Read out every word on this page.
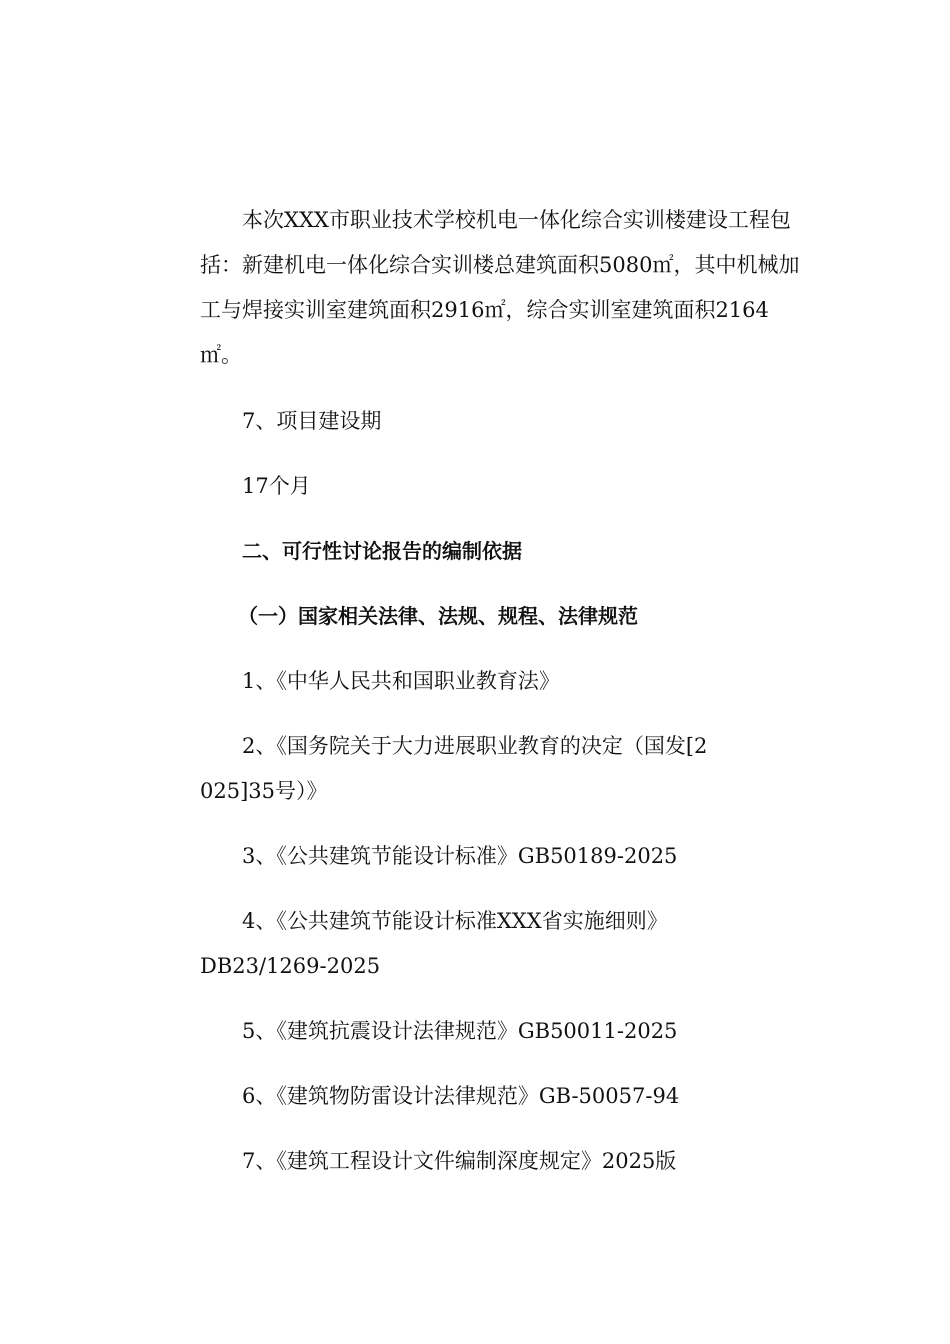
本次XXX市职业技术学校机电一体化综合实训楼建设工程包括：新建机电一体化综合实训楼总建筑面积5080㎡，其中机械加工与焊接实训室建筑面积2916㎡，综合实训室建筑面积2164㎡。

7、项目建设期

17个月

二、可行性讨论报告的编制依据

（一）国家相关法律、法规、规程、法律规范

1、《中华人民共和国职业教育法》

2、《国务院关于大力进展职业教育的决定（国发[2025]35号）》

3、《公共建筑节能设计标准》GB50189-2025

4、《公共建筑节能设计标准XXX省实施细则》DB23/1269-2025

5、《建筑抗震设计法律规范》GB50011-2025

6、《建筑物防雷设计法律规范》GB-50057-94

7、《建筑工程设计文件编制深度规定》2025版
